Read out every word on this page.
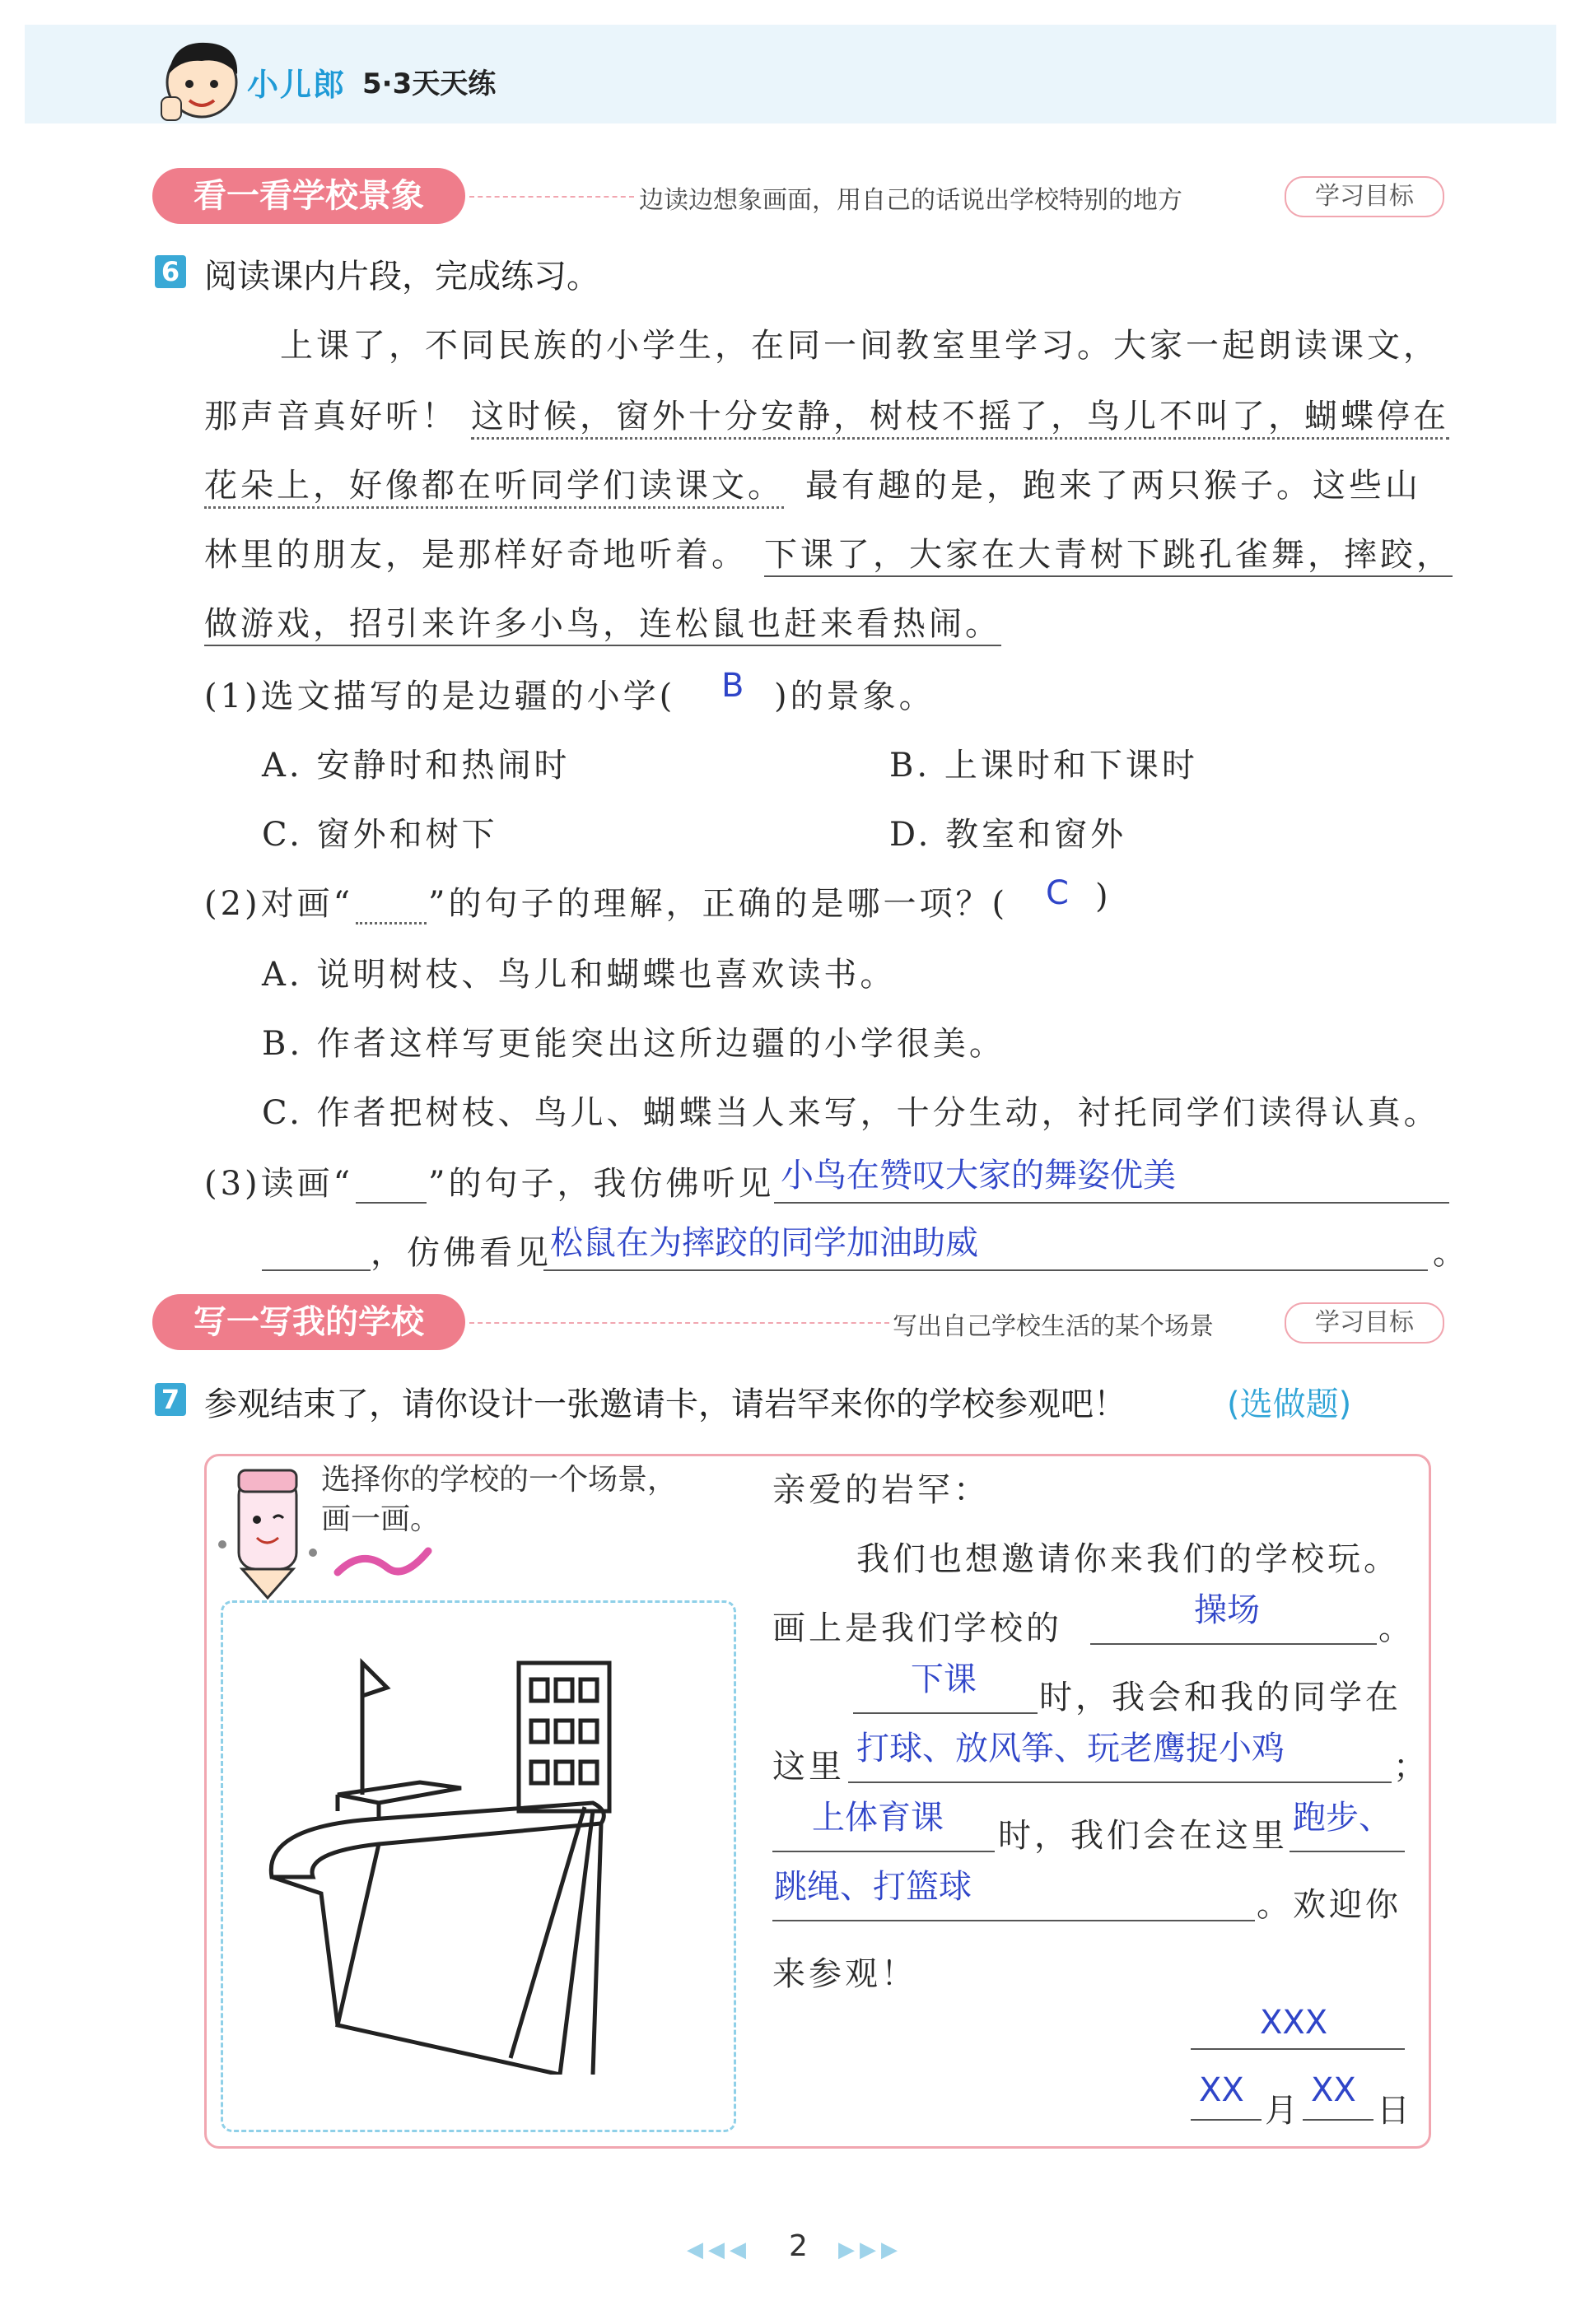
小儿郎 5·3天天练
看一看学校景象	边读边想象画面，用自己的话说出学校特别的地方	学习目标
6 阅读课内片段，完成练习。
上课了，不同民族的小学生，在同一间教室里学习。大家一起朗读课文，
那声音真好听！ 这时候，窗外十分安静，树枝不摇了，鸟儿不叫了，蝴蝶停在
花朵上，好像都在听同学们读课文。 最有趣的是，跑来了两只猴子。这些山
林里的朋友，是那样好奇地听着。 下课了，大家在大青树下跳孔雀舞，摔跤，
做游戏，招引来许多小鸟，连松鼠也赶来看热闹。
(1)选文描写的是边疆的小学( B )的景象。
A. 安静时和热闹时	B. 上课时和下课时
C. 窗外和树下	D. 教室和窗外
(2)对画“ ”的句子的理解，正确的是哪一项？( C )
A. 说明树枝、鸟儿和蝴蝶也喜欢读书。
B. 作者这样写更能突出这所边疆的小学很美。
C. 作者把树枝、鸟儿、蝴蝶当人来写，十分生动，衬托同学们读得认真。
(3)读画“ ”的句子，我仿佛听见 小鸟在赞叹大家的舞姿优美
，仿佛看见
松鼠在为摔跤的同学加油助威	。
写一写我的学校	写出自己学校生活的某个场景	学习目标
7 参观结束了，请你设计一张邀请卡，请岩罕来你的学校参观吧！	(选做题)
选择你的学校的一个场景，
画一画。
亲爱的岩罕：
我们也想邀请你来我们的学校玩。
画上是我们学校的	操场	。
下课 时，我会和我的同学在
这里 打球、放风筝、玩老鹰捉小鸡	；
上体育课 时，我们会在这里 跑步、
跳绳、打篮球	。欢迎你
来参观！
XXX
XX
月
XX
日
◀◀◀ 2 ▶▶▶
